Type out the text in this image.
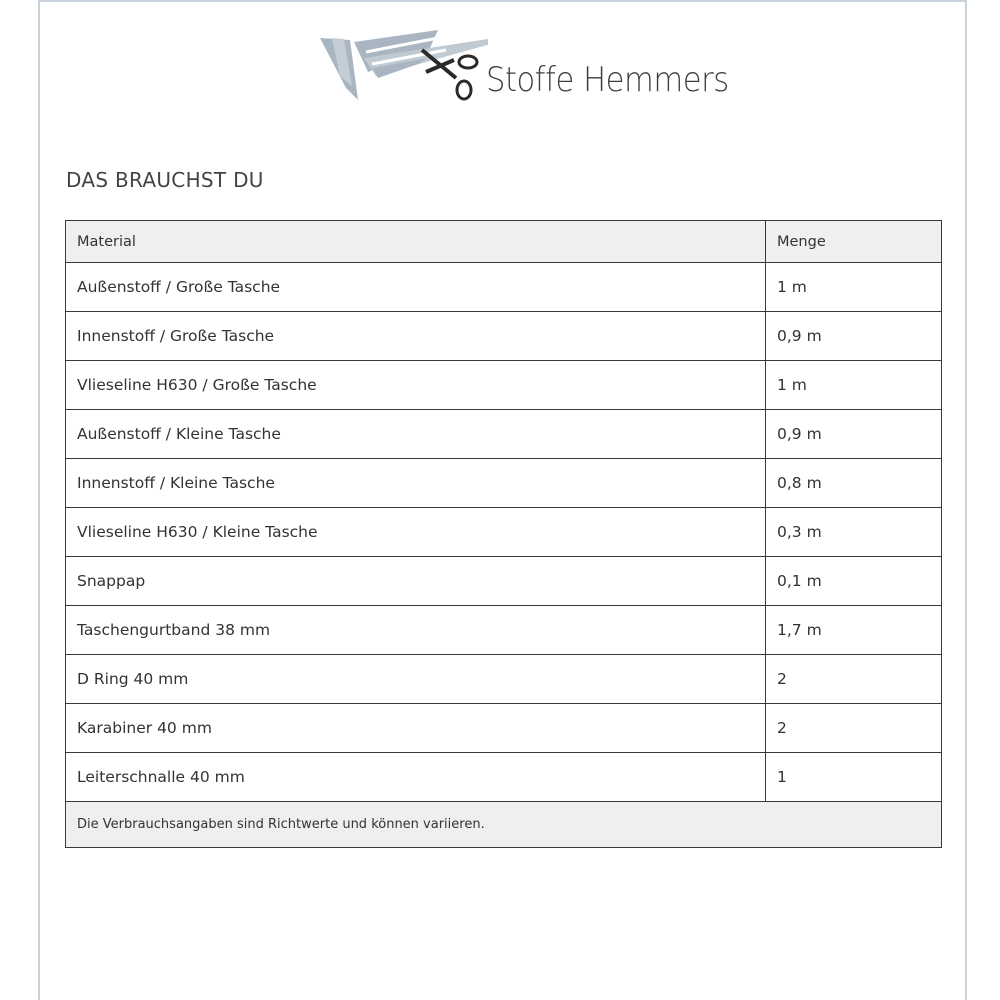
Stoffe Hemmers
DAS BRAUCHST DU
Material	Menge
Außenstoff / Große Tasche	1 m
Innenstoff / Große Tasche	0,9 m
Vlieseline H630 / Große Tasche	1 m
Außenstoff / Kleine Tasche	0,9 m
Innenstoff / Kleine Tasche	0,8 m
Vlieseline H630 / Kleine Tasche	0,3 m
Snappap	0,1 m
Taschengurtband 38 mm	1,7 m
D Ring 40 mm	2
Karabiner 40 mm	2
Leiterschnalle 40 mm	1
Die Verbrauchsangaben sind Richtwerte und können variieren.	
